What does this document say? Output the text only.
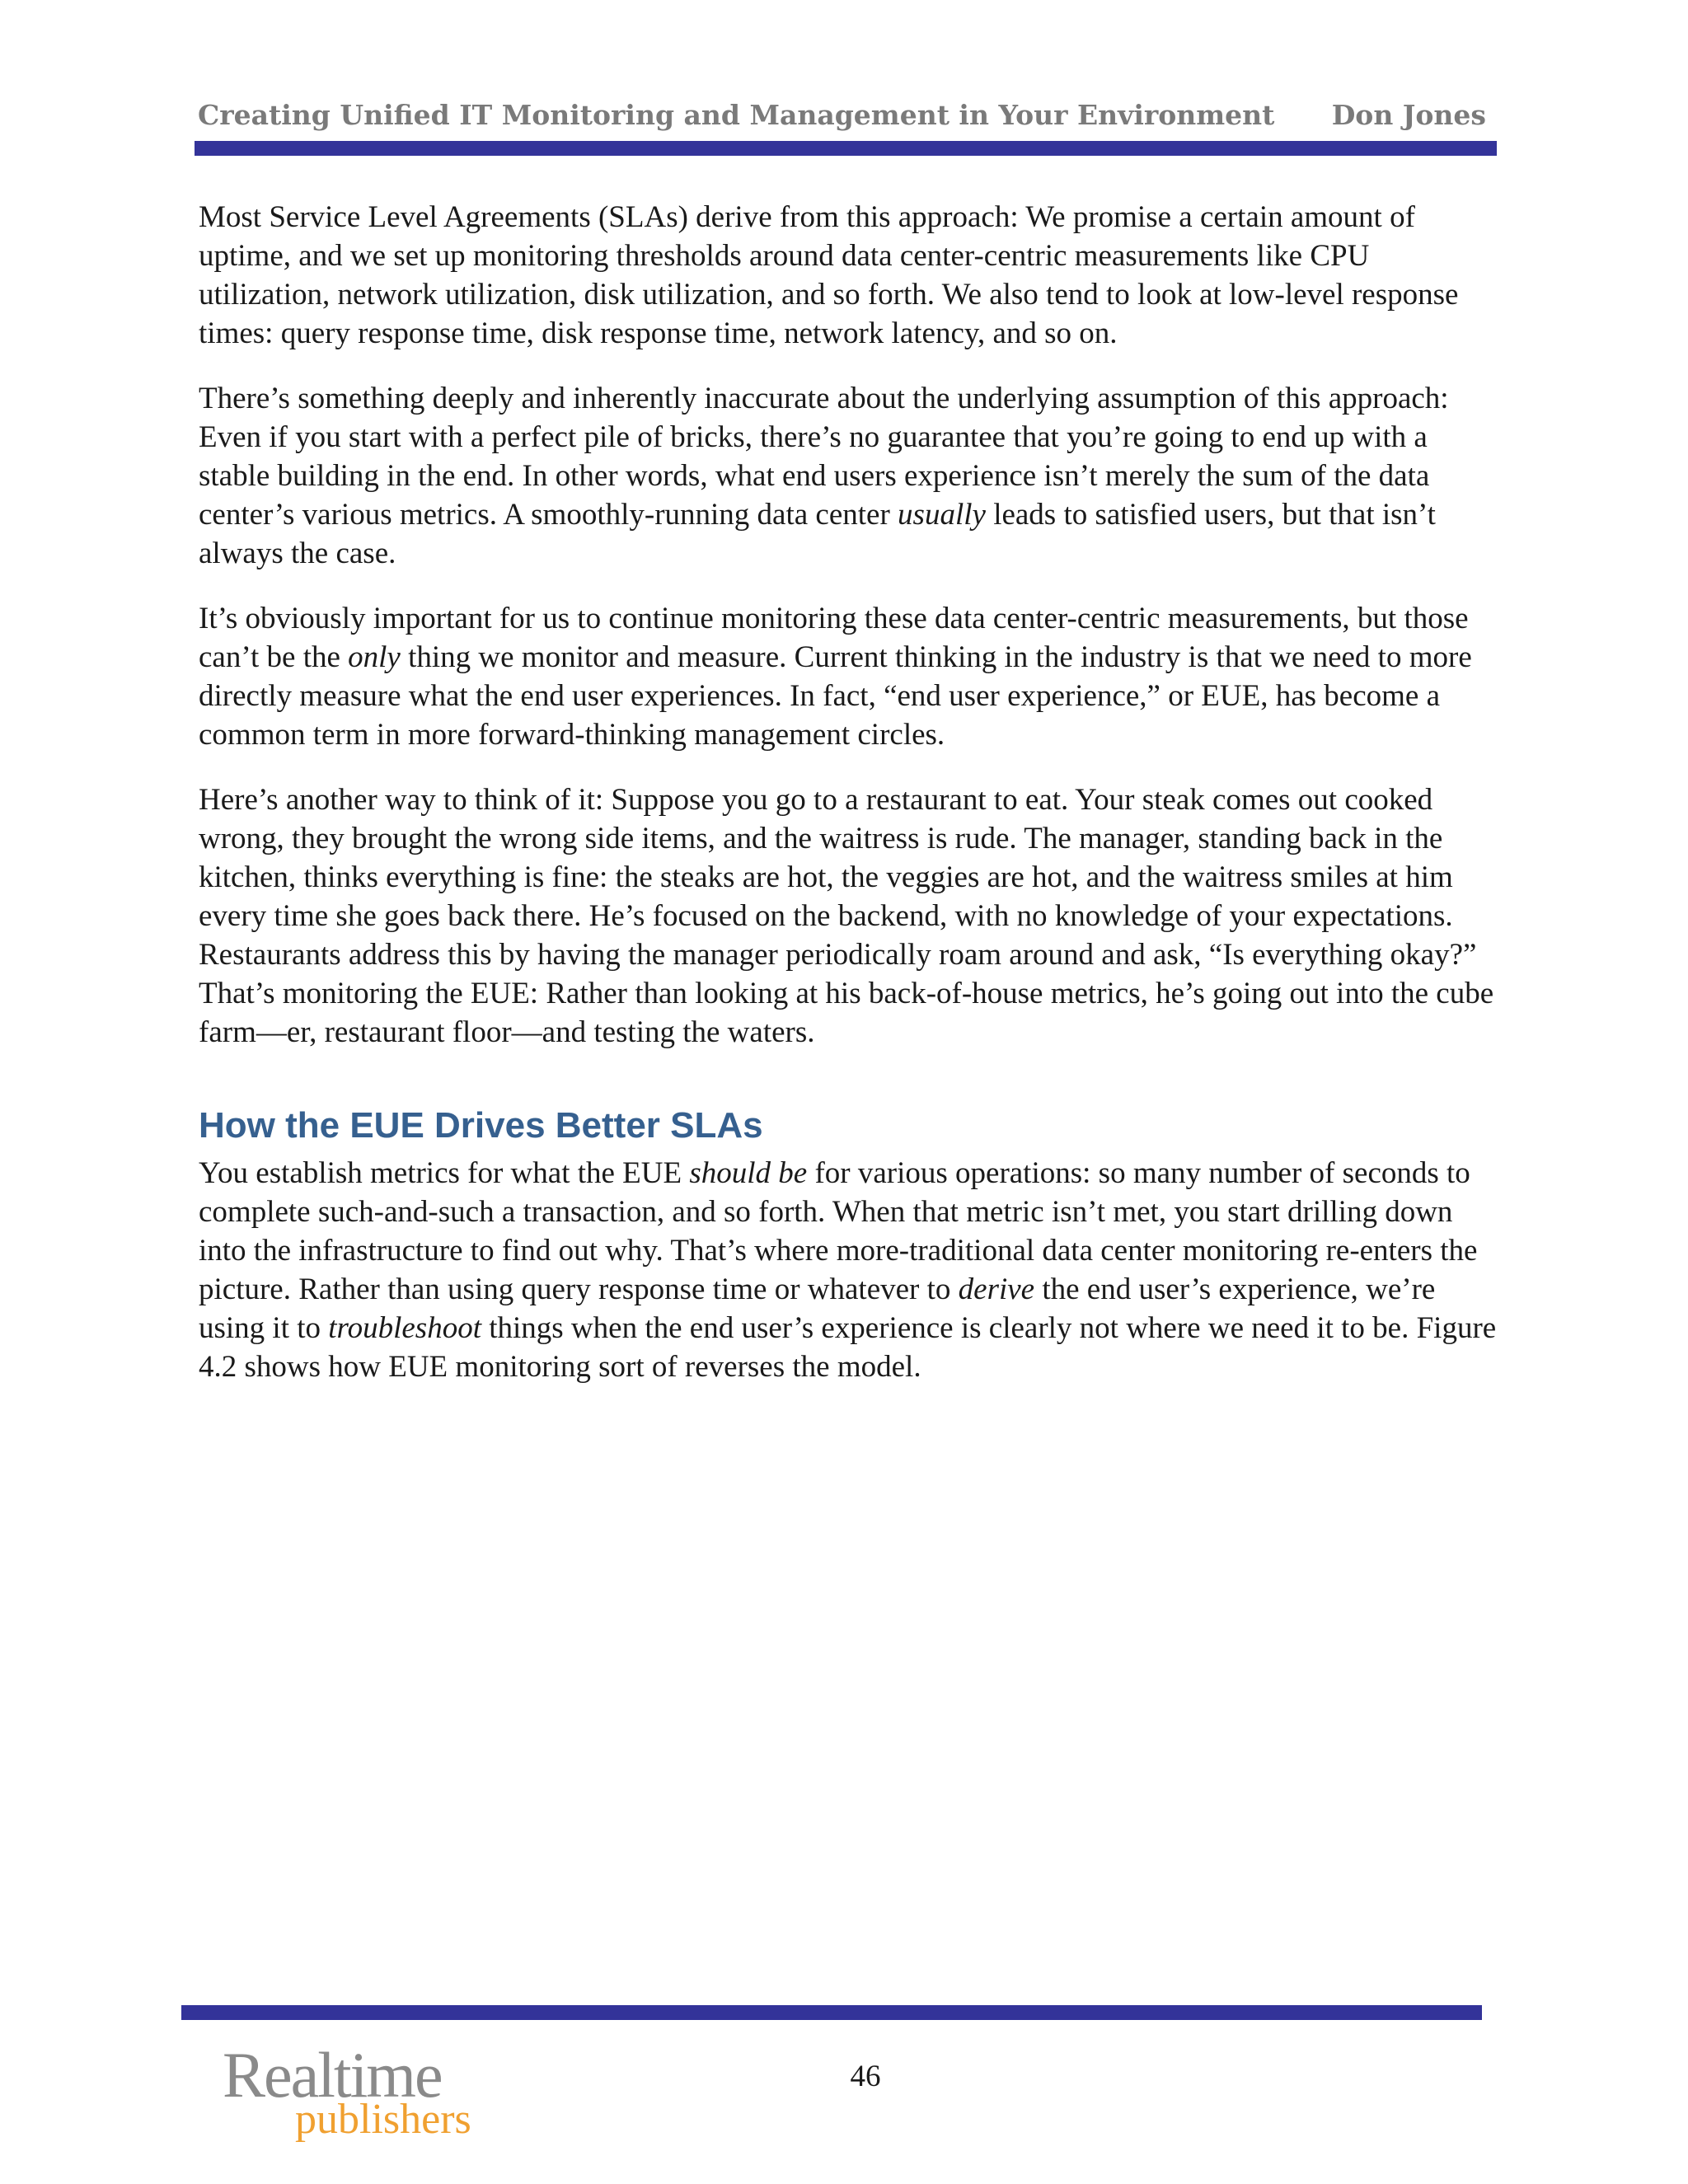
Creating Unified IT Monitoring and Management in Your Environment Don Jones

Most Service Level Agreements (SLAs) derive from this approach: We promise a certain amount of uptime, and we set up monitoring thresholds around data center-centric measurements like CPU utilization, network utilization, disk utilization, and so forth. We also tend to look at low-level response times: query response time, disk response time, network latency, and so on.

There’s something deeply and inherently inaccurate about the underlying assumption of this approach: Even if you start with a perfect pile of bricks, there’s no guarantee that you’re going to end up with a stable building in the end. In other words, what end users experience isn’t merely the sum of the data center’s various metrics. A smoothly-running data center usually leads to satisfied users, but that isn’t always the case.

It’s obviously important for us to continue monitoring these data center-centric measurements, but those can’t be the only thing we monitor and measure. Current thinking in the industry is that we need to more directly measure what the end user experiences. In fact, “end user experience,” or EUE, has become a common term in more forward-thinking management circles.

Here’s another way to think of it: Suppose you go to a restaurant to eat. Your steak comes out cooked wrong, they brought the wrong side items, and the waitress is rude. The manager, standing back in the kitchen, thinks everything is fine: the steaks are hot, the veggies are hot, and the waitress smiles at him every time she goes back there. He’s focused on the backend, with no knowledge of your expectations. Restaurants address this by having the manager periodically roam around and ask, “Is everything okay?” That’s monitoring the EUE: Rather than looking at his back-of-house metrics, he’s going out into the cube farm—er, restaurant floor—and testing the waters.

How the EUE Drives Better SLAs

You establish metrics for what the EUE should be for various operations: so many number of seconds to complete such-and-such a transaction, and so forth. When that metric isn’t met, you start drilling down into the infrastructure to find out why. That’s where more-traditional data center monitoring re-enters the picture. Rather than using query response time or whatever to derive the end user’s experience, we’re using it to troubleshoot things when the end user’s experience is clearly not where we need it to be. Figure 4.2 shows how EUE monitoring sort of reverses the model.

Realtime
publishers
46
